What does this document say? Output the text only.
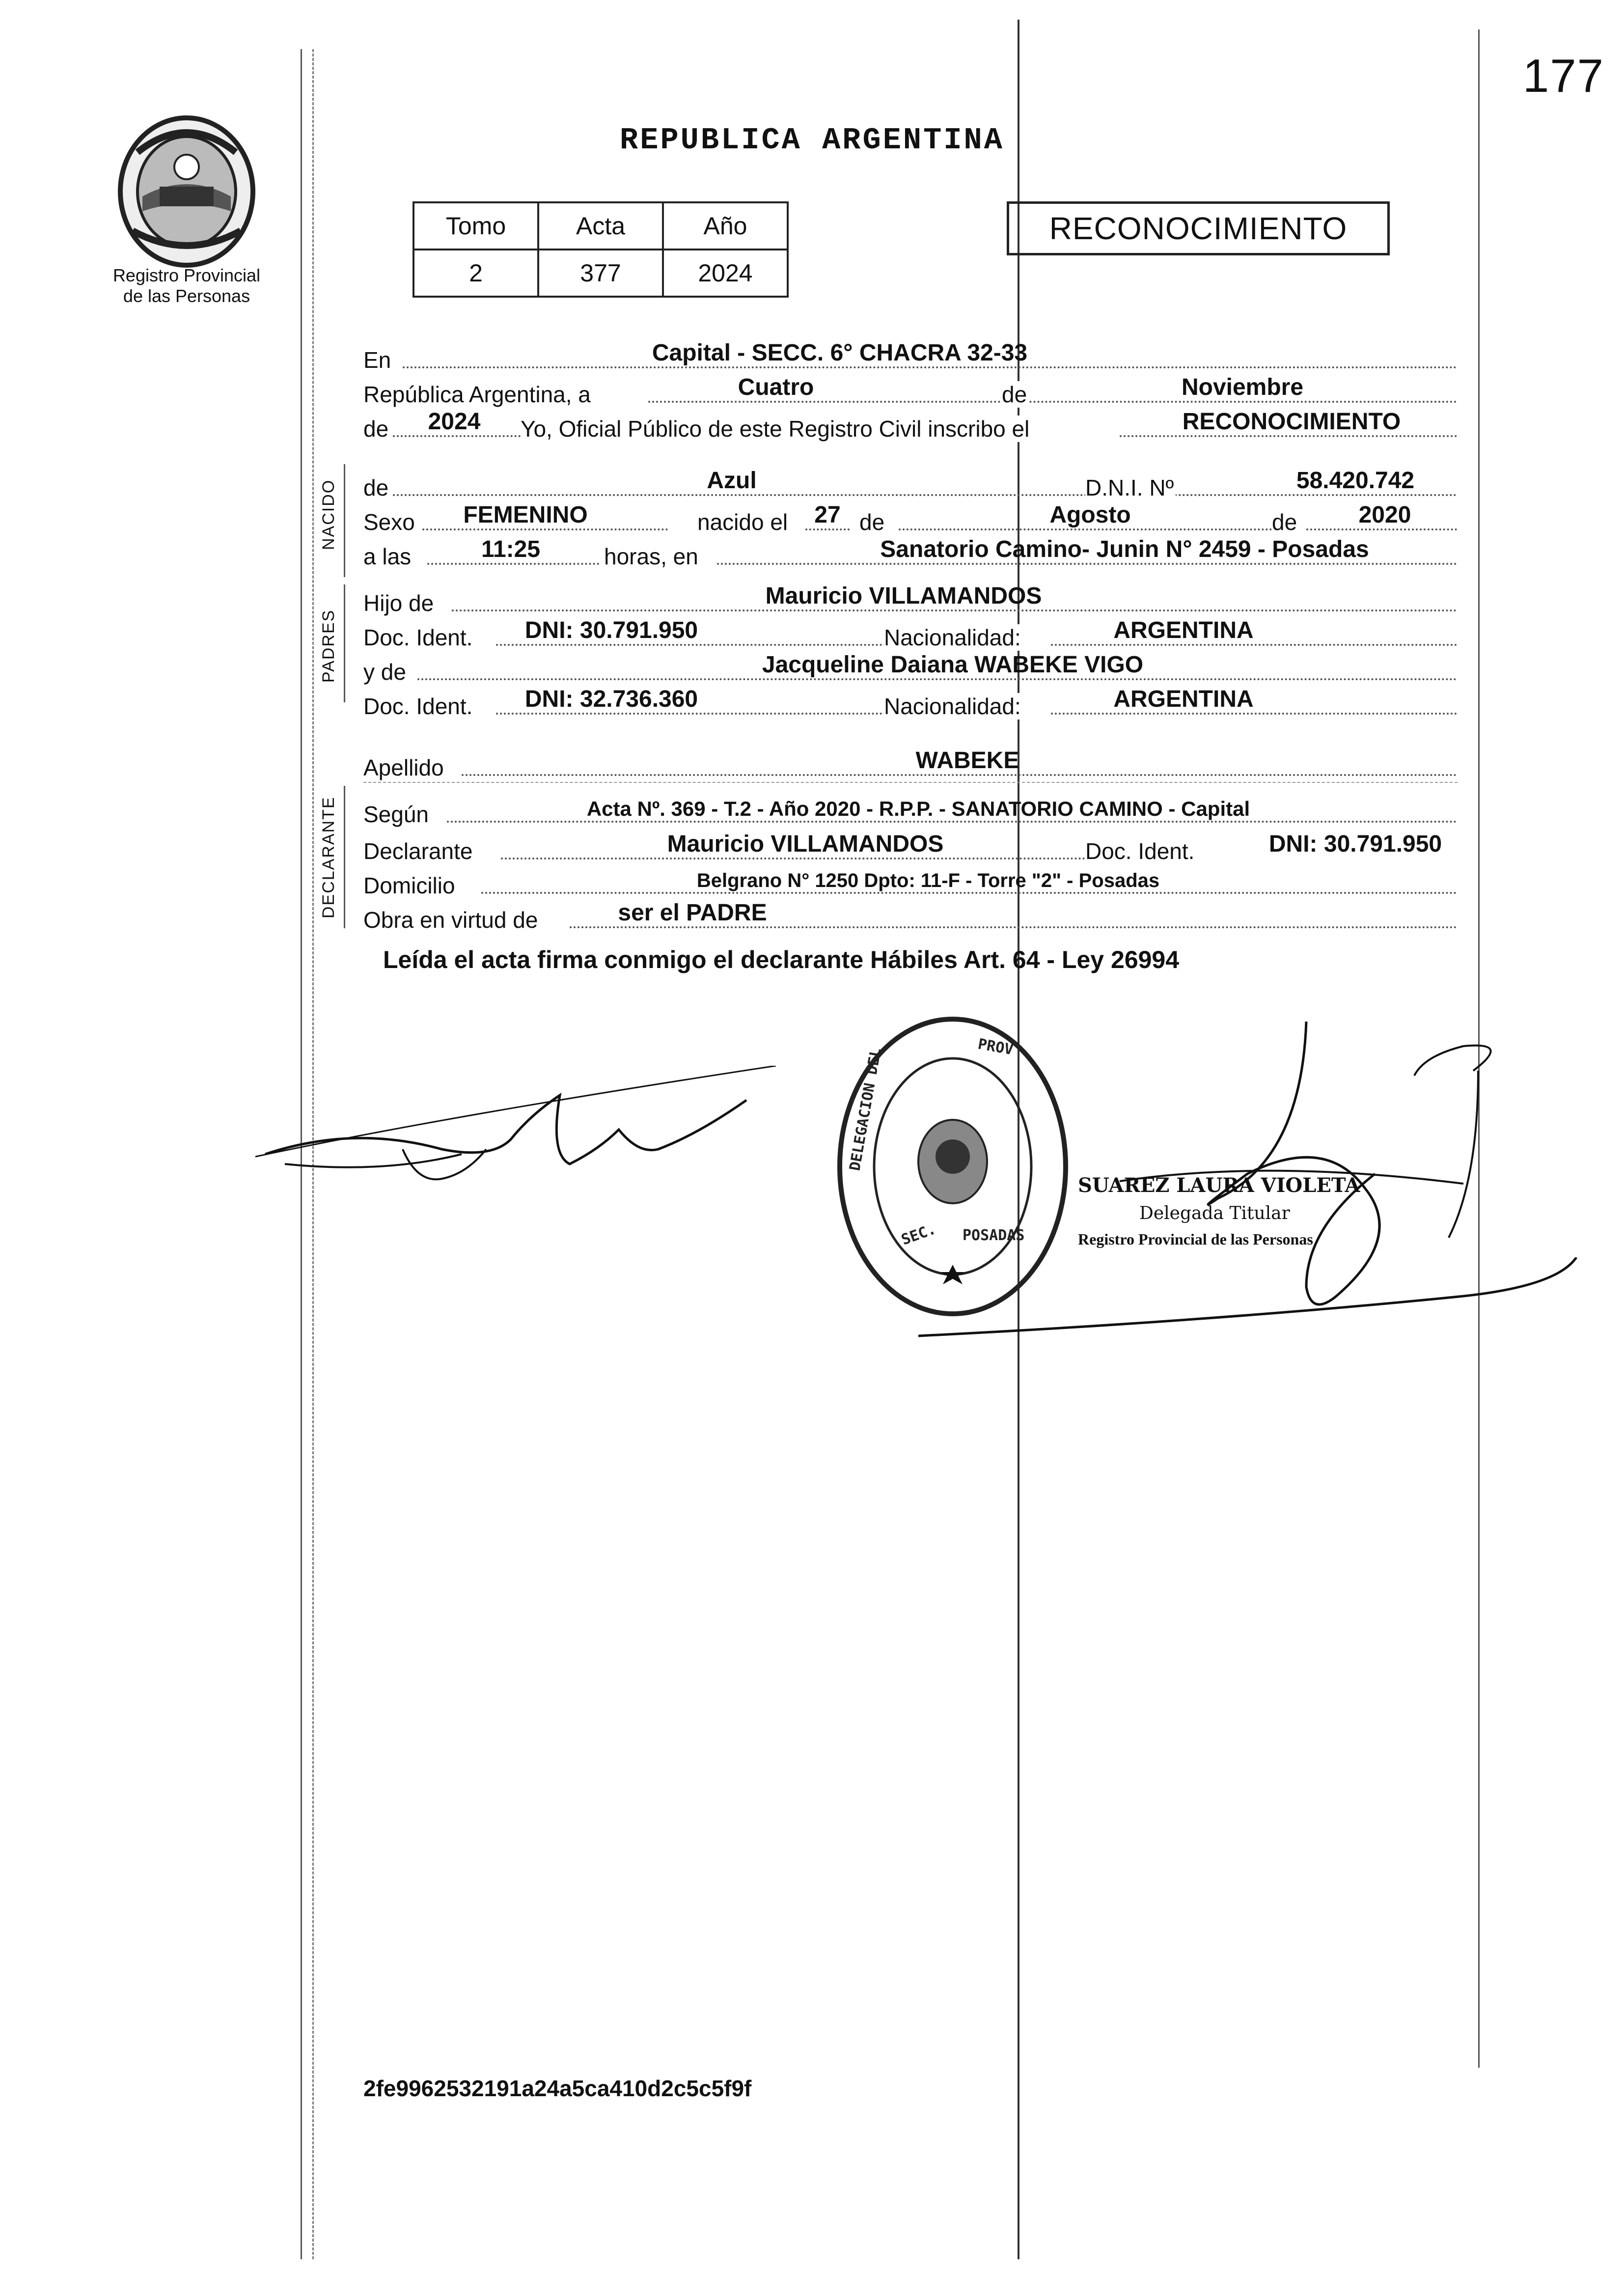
177
Registro Provincial
de las Personas
REPUBLICA ARGENTINA
Tomo	Acta	Año
2	377	2024
RECONOCIMIENTO
NACIDO
PADRES
DECLARANTE
En	Capital - SECC. 6° CHACRA 32-33
República Argentina, a	Cuatro	de	Noviembre
de	2024	Yo, Oficial Público de este Registro Civil inscribo el	RECONOCIMIENTO
de	Azul	D.N.I. Nº	58.420.742
Sexo	FEMENINO	nacido el	27 de	Agosto	de	2020
a las	11:25	horas, en	Sanatorio Camino- Junin N° 2459 - Posadas
Hijo de	Mauricio VILLAMANDOS
Doc. Ident.	DNI: 30.791.950	Nacionalidad:	ARGENTINA
y de	Jacqueline Daiana WABEKE VIGO
Doc. Ident.	DNI: 32.736.360	Nacionalidad:	ARGENTINA
Apellido	WABEKE
Según	Acta Nº. 369 - T.2 - Año 2020 - R.P.P. - SANATORIO CAMINO - Capital
Declarante	Mauricio VILLAMANDOS	Doc. Ident.	DNI: 30.791.950
Domicilio	Belgrano N° 1250 Dpto: 11-F - Torre "2" - Posadas
Obra en virtud de	ser el PADRE
Leída el acta firma conmigo el declarante Hábiles Art. 64 - Ley 26994
DELEGACION DEL	PROV
SEC. POSADAS
SUAREZ LAURA VIOLETA
Delegada Titular
Registro Provincial de las Personas
2fe9962532191a24a5ca410d2c5c5f9f
